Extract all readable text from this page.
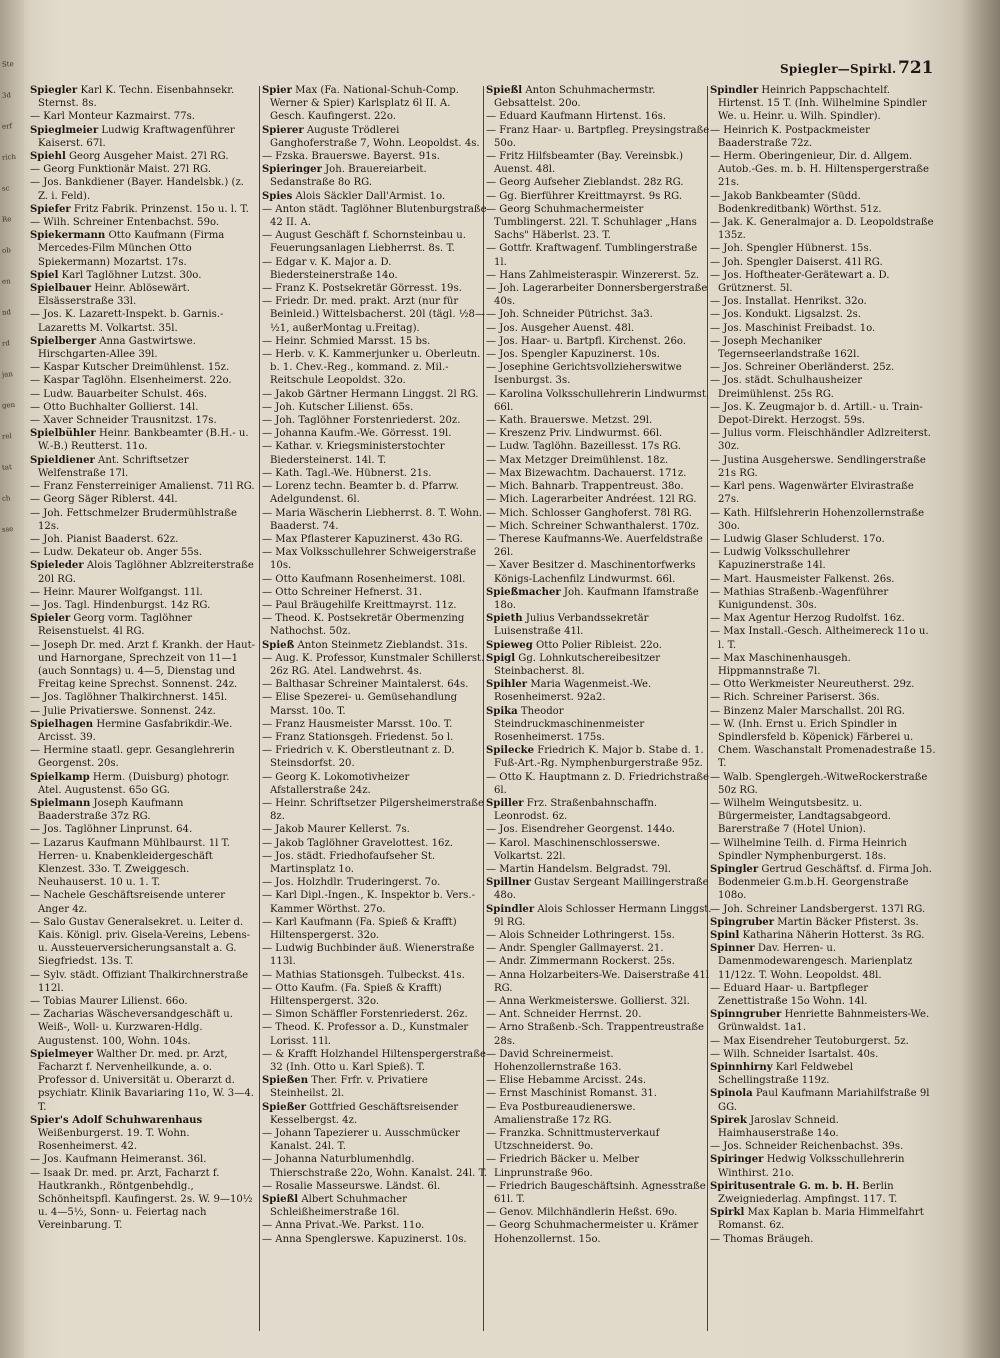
Ste
3d
erf
rich
sc
Re
ob
en
nd
rd
jan
gen
rel
tat
ch
sse
Spiegler—Spirkl. 721

Spiegler Karl K. Techn. Eisenbahnsekr. Sternst. 8s.

— Karl Monteur Kazmairst. 77s.

Spieglmeier Ludwig Kraftwagenführer Kaiserst. 67l.

Spiehl Georg Ausgeher Maist. 27l RG.

— Georg Funktionär Maist. 27l RG.

— Jos. Bankdiener (Bayer. Handelsbk.) (z. Z. i. Feld).

Spiefer Fritz Fabrik. Prinzenst. 15o u. l. T.

— Wilh. Schreiner Entenbachst. 59o.

Spiekermann Otto Kaufmann (Firma Mercedes-Film München Otto Spiekermann) Mozartst. 17s.

Spiel Karl Taglöhner Lutzst. 30o.

Spielbauer Heinr. Ablösewärt. Elsässerstraße 33l.

— Jos. K. Lazarett-Inspekt. b. Garnis.-Lazaretts M. Volkartst. 35l.

Spielberger Anna Gastwirtswe. Hirschgarten-Allee 39l.

— Kaspar Kutscher Dreimühlenst. 15z.

— Kaspar Taglöhn. Elsenheimerst. 22o.

— Ludw. Bauarbeiter Schulst. 46s.

— Otto Buchhalter Gollierst. 14l.

— Xaver Schneider Trausnitzst. 17s.

Spielbühler Heinr. Bankbeamter (B.H.- u. W.-B.) Reutterst. 11o.

Spieldiener Ant. Schriftsetzer Welfenstraße 17l.

— Franz Fensterreiniger Amalienst. 71l RG.

— Georg Säger Riblerst. 44l.

— Joh. Fettschmelzer Brudermühlstraße 12s.

— Joh. Pianist Baaderst. 62z.

— Ludw. Dekateur ob. Anger 55s.

Spieleder Alois Taglöhner Ablzreiterstraße 20l RG.

— Heinr. Maurer Wolfgangst. 11l.

— Jos. Tagl. Hindenburgst. 14z RG.

Spieler Georg vorm. Taglöhner Reisenstuelst. 4l RG.

— Joseph Dr. med. Arzt f. Krankh. der Haut- und Harnorgane, Sprechzeit von 11—1 (auch Sonntags) u. 4—5, Dienstag und Freitag keine Sprechst. Sonnenst. 24z.

— Jos. Taglöhner Thalkirchnerst. 145l.

— Julie Privatierswe. Sonnenst. 24z.

Spielhagen Hermine Gasfabrikdir.-We. Arcisst. 39.

— Hermine staatl. gepr. Gesanglehrerin Georgenst. 20s.

Spielkamp Herm. (Duisburg) photogr. Atel. Augustenst. 65o GG.

Spielmann Joseph Kaufmann Baaderstraße 37z RG.

— Jos. Taglöhner Linprunst. 64.

— Lazarus Kaufmann Mühlbaurst. 1l T. Herren- u. Knabenkleidergeschäft Klenzest. 33o. T. Zweiggesch. Neuhauserst. 10 u. 1. T.

— Nachele Geschäftsreisende unterer Anger 4z.

— Salo Gustav Generalsekret. u. Leiter d. Kais. Königl. priv. Gisela-Vereins, Lebens- u. Aussteuerversicherungsanstalt a. G. Siegfriedst. 13s. T.

— Sylv. städt. Offiziant Thalkirchnerstraße 112l.

— Tobias Maurer Lilienst. 66o.

— Zacharias Wäscheversandgeschäft u. Weiß-, Woll- u. Kurzwaren-Hdlg. Augustenst. 100, Wohn. 104s.

Spielmeyer Walther Dr. med. pr. Arzt, Facharzt f. Nervenheilkunde, a. o. Professor d. Universität u. Oberarzt d. psychiatr. Klinik Bavariaring 11o, W. 3—4. T.

Spier's Adolf Schuhwarenhaus Weißenburgerst. 19. T. Wohn. Rosenheimerst. 42.

— Jos. Kaufmann Heimeranst. 36l.

— Isaak Dr. med. pr. Arzt, Facharzt f. Hautkrankh., Röntgenbehdlg., Schönheitspfl. Kaufingerst. 2s. W. 9—10½ u. 4—5½, Sonn- u. Feiertag nach Vereinbarung. T.

Spier Max (Fa. National-Schuh-Comp. Werner & Spier) Karlsplatz 6l II. A. Gesch. Kaufingerst. 22o.

Spierer Auguste Trödlerei Ganghoferstraße 7, Wohn. Leopoldst. 4s.

— Fzska. Brauerswe. Bayerst. 91s.

Spieringer Joh. Brauereiarbeit. Sedanstraße 8o RG.

Spies Alois Säckler Dall'Armist. 1o.

— Anton städt. Taglöhner Blutenburgstraße 42 II. A.

— August Geschäft f. Schornsteinbau u. Feuerungsanlagen Liebherrst. 8s. T.

— Edgar v. K. Major a. D. Biedersteinerstraße 14o.

— Franz K. Postsekretär Görresst. 19s.

— Friedr. Dr. med. prakt. Arzt (nur für Beinleid.) Wittelsbacherst. 20l (tägl. ½8—½1, außerMontag u.Freitag).

— Heinr. Schmied Marsst. 15 bs.

— Herb. v. K. Kammerjunker u. Oberleutn. b. 1. Chev.-Reg., kommand. z. Mil.-Reitschule Leopoldst. 32o.

— Jakob Gärtner Hermann Linggst. 2l RG.

— Joh. Kutscher Lilienst. 65s.

— Joh. Taglöhner Forstenriederst. 20z.

— Johanna Kaufm.-We. Görresst. 19l.

— Kathar. v. Kriegsministerstochter Biedersteinerst. 14l. T.

— Kath. Tagl.-We. Hübnerst. 21s.

— Lorenz techn. Beamter b. d. Pfarrw. Adelgundenst. 6l.

— Maria Wäscherin Liebherrst. 8. T. Wohn. Baaderst. 74.

— Max Pflasterer Kapuzinerst. 43o RG.

— Max Volksschullehrer Schweigerstraße 10s.

— Otto Kaufmann Rosenheimerst. 108l.

— Otto Schreiner Hefnerst. 31.

— Paul Bräugehilfe Kreittmayrst. 11z.

— Theod. K. Postsekretär Obermenzing Nathochst. 50z.

Spieß Anton Steinmetz Zieblandst. 31s.

— Aug. K. Professor, Kunstmaler Schillerst. 26z RG. Atel. Landwehrst. 4s.

— Balthasar Schreiner Maintalerst. 64s.

— Elise Spezerei- u. Gemüsehandlung Marsst. 10o. T.

— Franz Hausmeister Marsst. 10o. T.

— Franz Stationsgeh. Friedenst. 5o l.

— Friedrich v. K. Oberstleutnant z. D. Steinsdorfst. 20.

— Georg K. Lokomotivheizer Afstallerstraße 24z.

— Heinr. Schriftsetzer Pilgersheimerstraße 8z.

— Jakob Maurer Kellerst. 7s.

— Jakob Taglöhner Gravelottest. 16z.

— Jos. städt. Friedhofaufseher St. Martinsplatz 1o.

— Jos. Holzhdlr. Truderingerst. 7o.

— Karl Dipl.-Ingen., K. Inspektor b. Vers.-Kammer Wörthst. 27o.

— Karl Kaufmann (Fa. Spieß & Krafft) Hiltenspergerst. 32o.

— Ludwig Buchbinder äuß. Wienerstraße 113l.

— Mathias Stationsgeh. Tulbeckst. 41s.

— Otto Kaufm. (Fa. Spieß & Krafft) Hiltenspergerst. 32o.

— Simon Schäffler Forstenriederst. 26z.

— Theod. K. Professor a. D., Kunstmaler Lorisst. 11l.

— & Krafft Holzhandel Hiltenspergerstraße 32 (Inh. Otto u. Karl Spieß). T.

Spießen Ther. Frfr. v. Privatiere Steinheilst. 2l.

Spießer Gottfried Geschäftsreisender Kesselbergst. 4z.

— Johann Tapezierer u. Ausschmücker Kanalst. 24l. T.

— Johanna Naturblumenhdlg. Thierschstraße 22o, Wohn. Kanalst. 24l. T.

— Rosalie Masseurswe. Ländst. 6l.

Spießl Albert Schuhmacher Schleißheimerstraße 16l.

— Anna Privat.-We. Parkst. 11o.

— Anna Spenglerswe. Kapuzinerst. 10s.

Spießl Anton Schuhmachermstr. Gebsattelst. 20o.

— Eduard Kaufmann Hirtenst. 16s.

— Franz Haar- u. Bartpfleg. Preysingstraße 50o.

— Fritz Hilfsbeamter (Bay. Vereinsbk.) Auenst. 48l.

— Georg Aufseher Zieblandst. 28z RG.

— Gg. Bierführer Kreittmayrst. 9s RG.

— Georg Schuhmachermeister Tumblingerst. 22l. T. Schuhlager „Hans Sachs" Häberlst. 23. T.

— Gottfr. Kraftwagenf. Tumblingerstraße 1l.

— Hans Zahlmeisteraspir. Winzererst. 5z.

— Joh. Lagerarbeiter Donnersbergerstraße 40s.

— Joh. Schneider Pütrichst. 3a3.

— Jos. Ausgeher Auenst. 48l.

— Jos. Haar- u. Bartpfl. Kirchenst. 26o.

— Jos. Spengler Kapuzinerst. 10s.

— Josephine Gerichtsvollzieherswitwe Isenburgst. 3s.

— Karolina Volksschullehrerin Lindwurmst. 66l.

— Kath. Brauerswe. Metzst. 29l.

— Kreszenz Priv. Lindwurmst. 66l.

— Ludw. Taglöhn. Bazeillesst. 17s RG.

— Max Metzger Dreimühlenst. 18z.

— Max Bizewachtm. Dachauerst. 171z.

— Mich. Bahnarb. Trappentreust. 38o.

— Mich. Lagerarbeiter Andréest. 12l RG.

— Mich. Schlosser Ganghoferst. 78l RG.

— Mich. Schreiner Schwanthalerst. 170z.

— Therese Kaufmanns-We. Auerfeldstraße 26l.

— Xaver Besitzer d. Maschinentorfwerks Königs-Lachenfilz Lindwurmst. 66l.

Spießmacher Joh. Kaufmann Ifamstraße 18o.

Spieth Julius Verbandssekretär Luisenstraße 41l.

Spieweg Otto Polier Ribleist. 22o.

Spigl Gg. Lohnkutschereibesitzer Steinbacherst. 8l.

Spihler Maria Wagenmeist.-We. Rosenheimerst. 92a2.

Spika Theodor Steindruckmaschinenmeister Rosenheimerst. 175s.

Spilecke Friedrich K. Major b. Stabe d. 1. Fuß-Art.-Rg. Nymphenburgerstraße 95z.

— Otto K. Hauptmann z. D. Friedrichstraße 6l.

Spiller Frz. Straßenbahnschaffn. Leonrodst. 6z.

— Jos. Eisendreher Georgenst. 144o.

— Karol. Maschinenschlosserswe. Volkartst. 22l.

— Martin Handelsm. Belgradst. 79l.

Spillner Gustav Sergeant Maillingerstraße 48o.

Spindler Alois Schlosser Hermann Linggst. 9l RG.

— Alois Schneider Lothringerst. 15s.

— Andr. Spengler Gallmayerst. 21.

— Andr. Zimmermann Rockerst. 25s.

— Anna Holzarbeiters-We. Daiserstraße 41l RG.

— Anna Werkmeisterswe. Gollierst. 32l.

— Ant. Schneider Herrnst. 20.

— Arno Straßenb.-Sch. Trappentreustraße 28s.

— David Schreinermeist. Hohenzollernstraße 163.

— Elise Hebamme Arcisst. 24s.

— Ernst Maschinist Romanst. 31.

— Eva Postbureaudienerswe. Amalienstraße 17z RG.

— Franzka. Schnittmusterverkauf Utzschneiderst. 9o.

— Friedrich Bäcker u. Melber Linprunstraße 96o.

— Friedrich Baugeschäftsinh. Agnesstraße 61l. T.

— Genov. Milchhändlerin Heßst. 69o.

— Georg Schuhmachermeister u. Krämer Hohenzollernst. 15o.

Spindler Heinrich Pappschachtelf. Hirtenst. 15 T. (Inh. Wilhelmine Spindler We. u. Heinr. u. Wilh. Spindler).

— Heinrich K. Postpackmeister Baaderstraße 72z.

— Herm. Oberingenieur, Dir. d. Allgem. Autob.-Ges. m. b. H. Hiltenspergerstraße 21s.

— Jakob Bankbeamter (Südd. Bodenkreditbank) Wörthst. 51z.

— Jak. K. Generalmajor a. D. Leopoldstraße 135z.

— Joh. Spengler Hübnerst. 15s.

— Joh. Spengler Daiserst. 41l RG.

— Jos. Hoftheater-Gerätewart a. D. Grütznerst. 5l.

— Jos. Installat. Henrikst. 32o.

— Jos. Kondukt. Ligsalzst. 2s.

— Jos. Maschinist Freibadst. 1o.

— Joseph Mechaniker Tegernseerlandstraße 162l.

— Jos. Schreiner Oberländerst. 25z.

— Jos. städt. Schulhausheizer Dreimühlenst. 25s RG.

— Jos. K. Zeugmajor b. d. Artill.- u. Train-Depot-Direkt. Herzogst. 59s.

— Julius vorm. Fleischhändler Adlzreiterst. 30z.

— Justina Ausgeherswe. Sendlingerstraße 21s RG.

— Karl pens. Wagenwärter Elvirastraße 27s.

— Kath. Hilfslehrerin Hohenzollernstraße 30o.

— Ludwig Glaser Schluderst. 17o.

— Ludwig Volksschullehrer Kapuzinerstraße 14l.

— Mart. Hausmeister Falkenst. 26s.

— Mathias Straßenb.-Wagenführer Kunigundenst. 30s.

— Max Agentur Herzog Rudolfst. 16z.

— Max Install.-Gesch. Altheimereck 11o u. l. T.

— Max Maschinenhausgeh. Hippmannstraße 7l.

— Otto Werkmeister Neureutherst. 29z.

— Rich. Schreiner Pariserst. 36s.

— Binzenz Maler Marschallst. 20l RG.

— W. (Inh. Ernst u. Erich Spindler in Spindlersfeld b. Köpenick) Färberei u. Chem. Waschanstalt Promenadestraße 15. T.

— Walb. Spenglergeh.-WitweRockerstraße 50z RG.

— Wilhelm Weingutsbesitz. u. Bürgermeister, Landtagsabgeord. Barerstraße 7 (Hotel Union).

— Wilhelmine Teilh. d. Firma Heinrich Spindler Nymphenburgerst. 18s.

Spingler Gertrud Geschäftsf. d. Firma Joh. Bodenmeier G.m.b.H. Georgenstraße 108o.

— Joh. Schreiner Landsbergerst. 137l RG.

Spingruber Martin Bäcker Pfisterst. 3s.

Spinl Katharina Näherin Hotterst. 3s RG.

Spinner Dav. Herren- u. Damenmodewarengesch. Marienplatz 11/12z. T. Wohn. Leopoldst. 48l.

— Eduard Haar- u. Bartpfleger Zenettistraße 15o Wohn. 14l.

Spinngruber Henriette Bahnmeisters-We. Grünwaldst. 1a1.

— Max Eisendreher Teutoburgerst. 5z.

— Wilh. Schneider Isartalst. 40s.

Spinnhirny Karl Feldwebel Schellingstraße 119z.

Spinola Paul Kaufmann Mariahilfstraße 9l GG.

Spirek Jaroslav Schneid. Haimhauserstraße 14o.

— Jos. Schneider Reichenbachst. 39s.

Spiringer Hedwig Volksschullehrerin Winthirst. 21o.

Spiritusentrale G. m. b. H. Berlin Zweigniederlag. Ampfingst. 117. T.

Spirkl Max Kaplan b. Maria Himmelfahrt Romanst. 6z.

— Thomas Bräugeh.
